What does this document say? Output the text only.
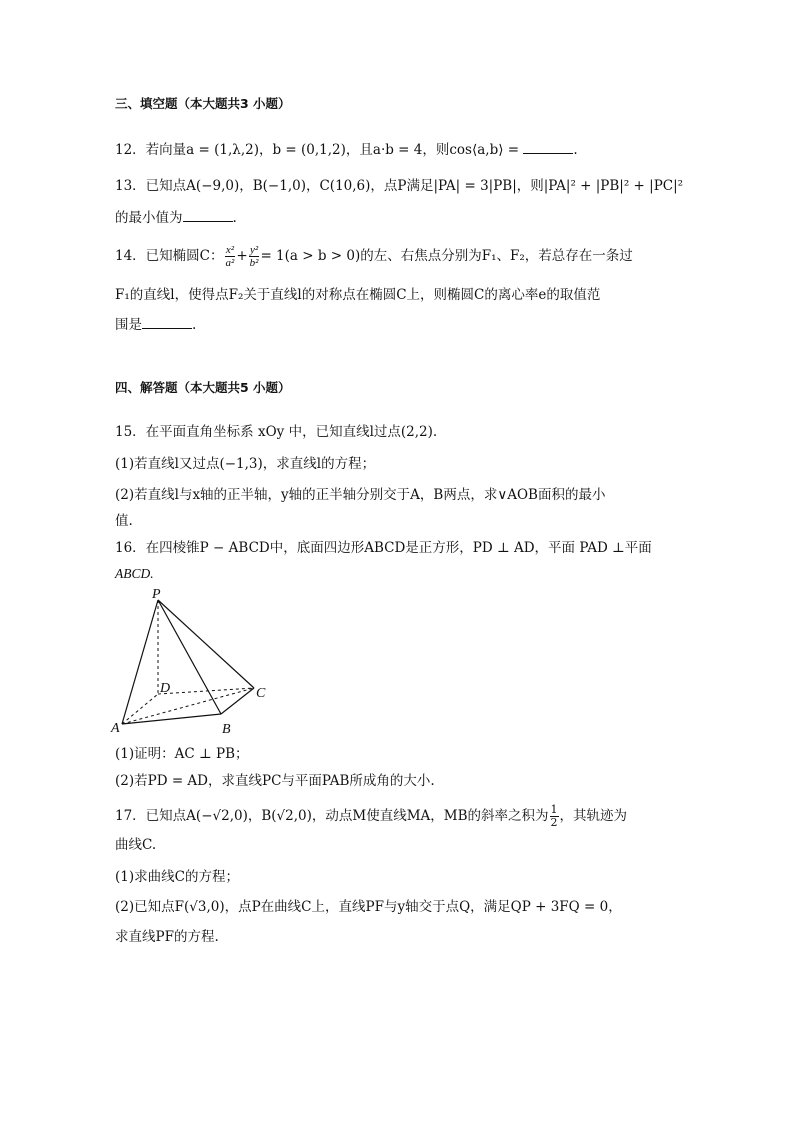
三、填空题（本大题共3 小题）
12．若向量a = (1,λ,2)，b = (0,1,2)，且a·b = 4，则cos⟨a,b⟩ =	.
13．已知点A(−9,0)，B(−1,0)，C(10,6)，点P满足|PA| = 3|PB|，则|PA|² + |PB|² + |PC|²
的最小值为	.
14．已知椭圆C： $\frac{\text{x²}}{\text{a²}} + \frac{\text{y²}}{\text{b²}} = 1(a > b > 0)$的左、右焦点分别为F₁、F₂，若总存在一条过
F₁的直线l，使得点F₂关于直线l的对称点在椭圆C上，则椭圆C的离心率e的取值范
围是	.
四、解答题（本大题共5 小题）
15．在平面直角坐标系 xOy 中，已知直线l过点(2,2).
(1)若直线l又过点(−1,3)，求直线l的方程；
(2)若直线l与x轴的正半轴，y轴的正半轴分别交于A，B两点，求∨AOB面积的最小
值.
16．在四棱锥P − ABCD中，底面四边形ABCD是正方形，PD ⊥ AD，平面 PAD ⊥平面
ABCD.
P
A	B
C
D
(1)证明：AC ⊥ PB；
(2)若PD = AD，求直线PC与平面PAB所成角的大小.
17．已知点A(−√2,0)，B(√2,0)，动点M使直线MA，MB的斜率之积为 $\frac{1}{2}$ ，其轨迹为
曲线C.
(1)求曲线C的方程；
(2)已知点F(√3,0)，点P在曲线C上，直线PF与y轴交于点Q，满足QP + 3FQ = 0，
求直线PF的方程.
